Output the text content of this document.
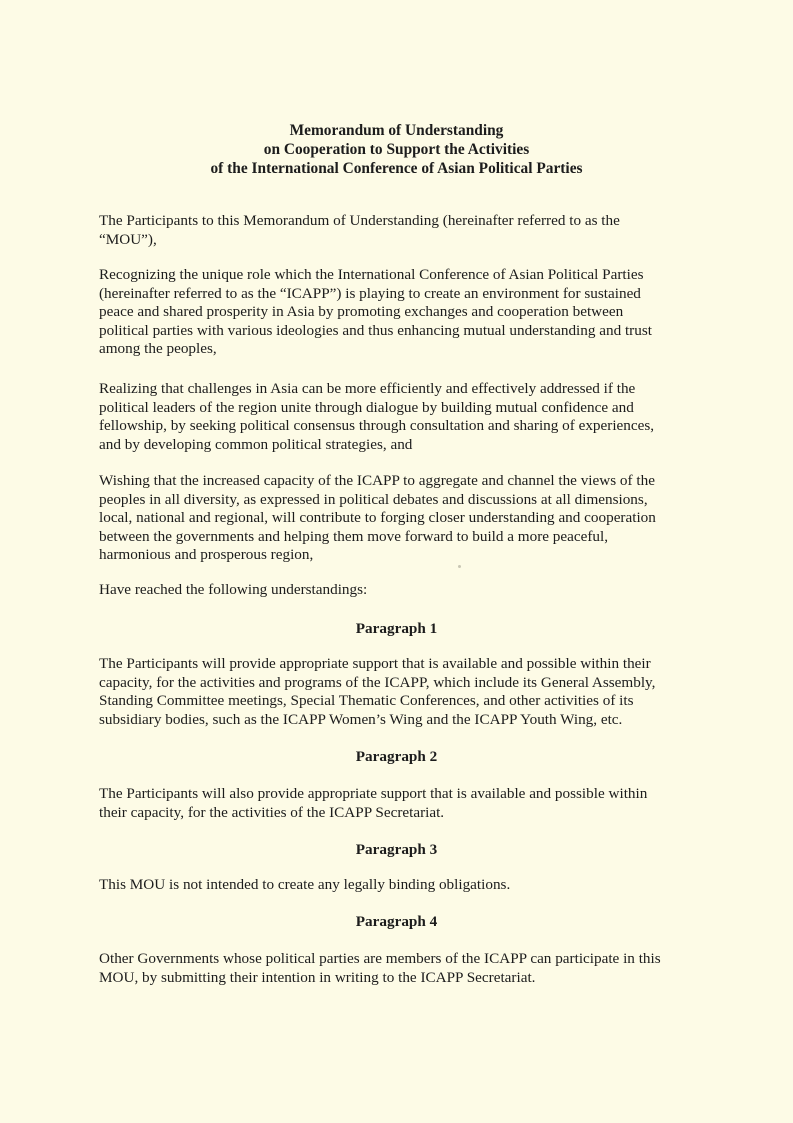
Memorandum of Understanding
on Cooperation to Support the Activities
of the International Conference of Asian Political Parties
The Participants to this Memorandum of Understanding (hereinafter referred to as the
“MOU”),
Recognizing the unique role which the International Conference of Asian Political Parties
(hereinafter referred to as the “ICAPP”) is playing to create an environment for sustained
peace and shared prosperity in Asia by promoting exchanges and cooperation between
political parties with various ideologies and thus enhancing mutual understanding and trust
among the peoples,
Realizing that challenges in Asia can be more efficiently and effectively addressed if the
political leaders of the region unite through dialogue by building mutual confidence and
fellowship, by seeking political consensus through consultation and sharing of experiences,
and by developing common political strategies, and
Wishing that the increased capacity of the ICAPP to aggregate and channel the views of the
peoples in all diversity, as expressed in political debates and discussions at all dimensions,
local, national and regional, will contribute to forging closer understanding and cooperation
between the governments and helping them move forward to build a more peaceful,
harmonious and prosperous region,
Have reached the following understandings:
Paragraph 1
The Participants will provide appropriate support that is available and possible within their
capacity, for the activities and programs of the ICAPP, which include its General Assembly,
Standing Committee meetings, Special Thematic Conferences, and other activities of its
subsidiary bodies, such as the ICAPP Women’s Wing and the ICAPP Youth Wing, etc.
Paragraph 2
The Participants will also provide appropriate support that is available and possible within
their capacity, for the activities of the ICAPP Secretariat.
Paragraph 3
This MOU is not intended to create any legally binding obligations.
Paragraph 4
Other Governments whose political parties are members of the ICAPP can participate in this
MOU, by submitting their intention in writing to the ICAPP Secretariat.
